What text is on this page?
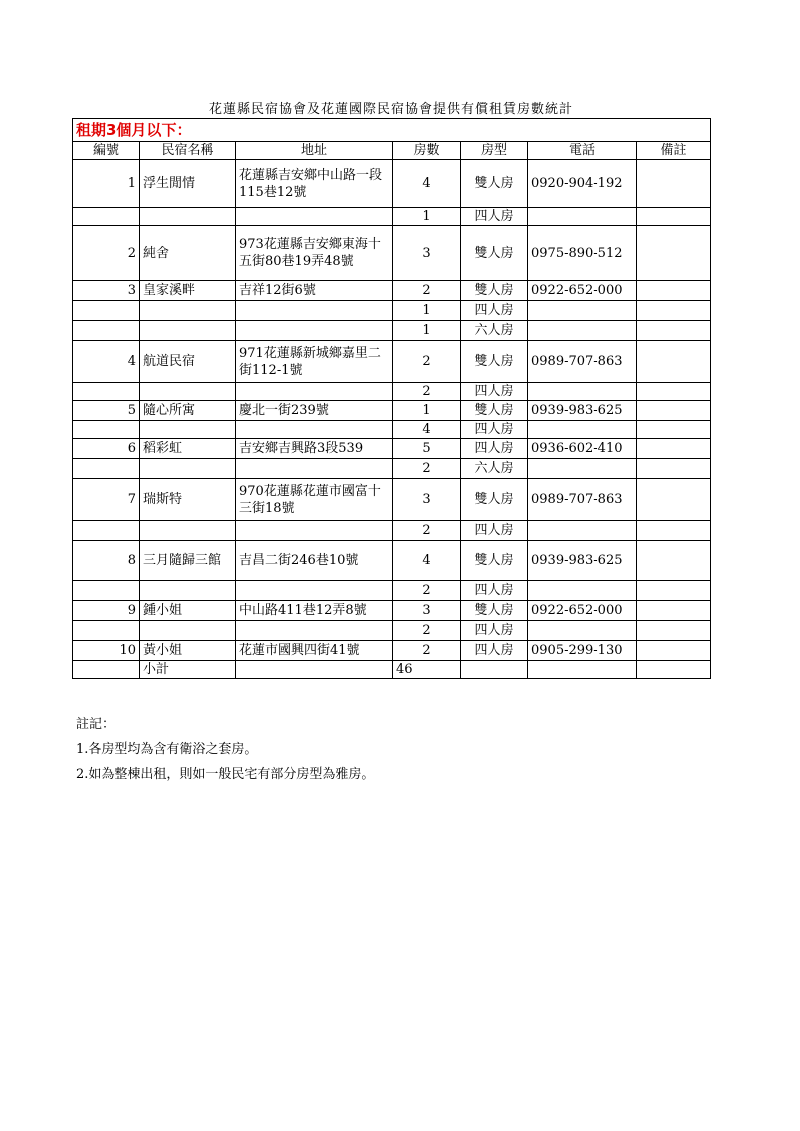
花蓮縣民宿協會及花蓮國際民宿協會提供有償租賃房數統計
租期3個月以下：						
編號	民宿名稱	地址	房數	房型	電話	備註
1	浮生閒情	花蓮縣吉安鄉中山路一段115巷12號	4	雙人房	0920-904-192	
			1	四人房		
2	純舍	973花蓮縣吉安鄉東海十五街80巷19弄48號	3	雙人房	0975-890-512	
3	皇家溪畔	吉祥12街6號	2	雙人房	0922-652-000	
			1	四人房		
			1	六人房		
4	航道民宿	971花蓮縣新城鄉嘉里二街112-1號	2	雙人房	0989-707-863	
			2	四人房		
5	隨心所寓	慶北一街239號	1	雙人房	0939-983-625	
			4	四人房		
6	稻彩虹	吉安鄉吉興路3段539	5	四人房	0936-602-410	
			2	六人房		
7	瑞斯特	970花蓮縣花蓮市國富十三街18號	3	雙人房	0989-707-863	
			2	四人房		
8	三月隨歸三館	吉昌二街246巷10號	4	雙人房	0939-983-625	
			2	四人房		
9	鍾小姐	中山路411巷12弄8號	3	雙人房	0922-652-000	
			2	四人房		
10	黃小姐	花蓮市國興四街41號	2	四人房	0905-299-130	
	小計		46			
註記：
1.各房型均為含有衛浴之套房。
2.如為整棟出租，則如一般民宅有部分房型為雅房。
